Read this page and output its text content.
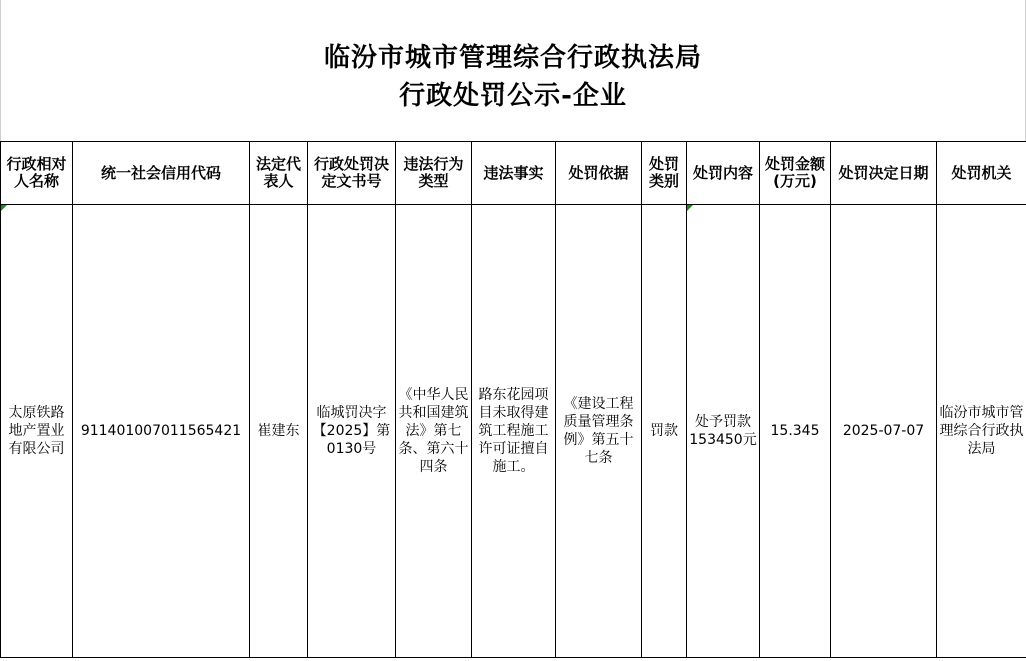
临汾市城市管理综合行政执法局
行政处罚公示-企业
行政相对人名称	统一社会信用代码	法定代表人	行政处罚决定文书号	违法行为类型	违法事实	处罚依据	处罚类别	处罚内容	处罚金额(万元)	处罚决定日期	处罚机关
太原铁路地产置业有限公司	911401007011565421	崔建东	临城罚决字【2025】第0130号	《中华人民共和国建筑法》第七条、第六十四条	路东花园项目未取得建筑工程施工许可证擅自施工。	《建设工程质量管理条例》第五十七条	罚款	处予罚款153450元	15.345	2025-07-07	临汾市城市管理综合行政执法局
